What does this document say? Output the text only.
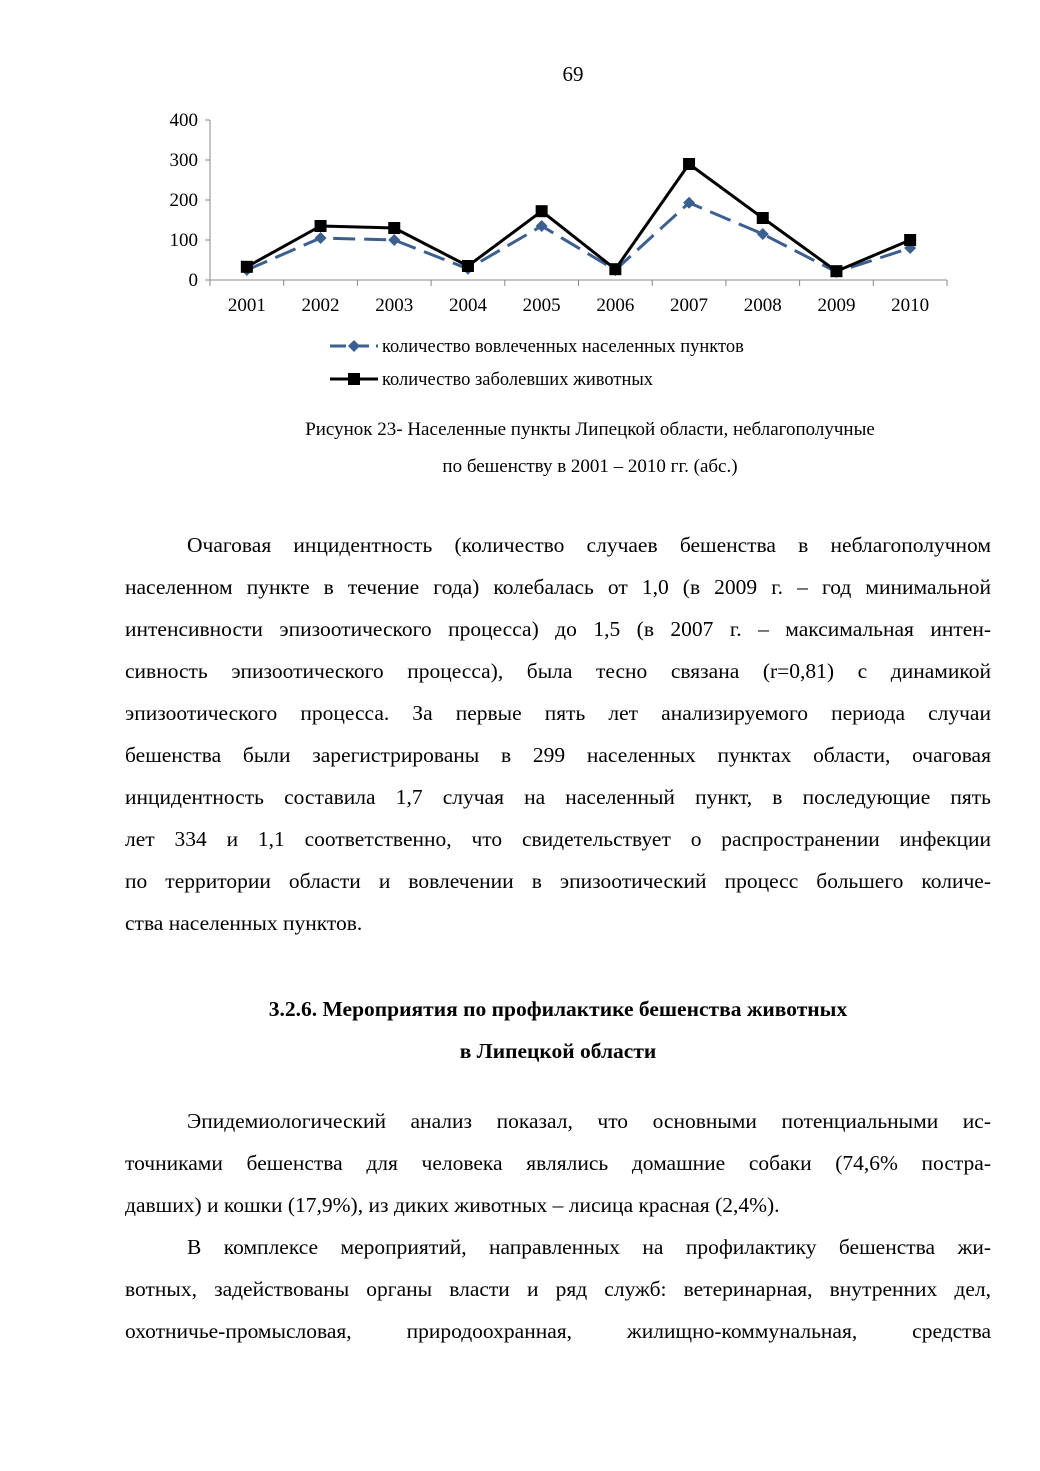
69
0
100
200
300
400
2001 2002 2003 2004 2005 2006 2007 2008 2009 2010
количество вовлеченных населенных пунктов
количество заболевших животных
Рисунок 23- Населенные пункты Липецкой области, неблагополучные
по бешенству в 2001 – 2010 гг. (абс.)
Очаговая инцидентность (количество случаев бешенства в неблагополучном
населенном пункте в течение года) колебалась от 1,0 (в 2009 г. – год минимальной
интенсивности эпизоотического процесса) до 1,5 (в 2007 г. – максимальная интен-
сивность эпизоотического процесса), была тесно связана (r=0,81) с динамикой
эпизоотического процесса. За первые пять лет анализируемого периода случаи
бешенства были зарегистрированы в 299 населенных пунктах области, очаговая
инцидентность составила 1,7 случая на населенный пункт, в последующие пять
лет 334 и 1,1 соответственно, что свидетельствует о распространении инфекции
по территории области и вовлечении в эпизоотический процесс большего количе-
ства населенных пунктов.
3.2.6. Мероприятия по профилактике бешенства животных
в Липецкой области
Эпидемиологический анализ показал, что основными потенциальными ис-
точниками бешенства для человека являлись домашние собаки (74,6% постра-
давших) и кошки (17,9%), из диких животных – лисица красная (2,4%).
В комплексе мероприятий, направленных на профилактику бешенства жи-
вотных, задействованы органы власти и ряд служб: ветеринарная, внутренних дел,
охотничье-промысловая, природоохранная, жилищно-коммунальная, средства
